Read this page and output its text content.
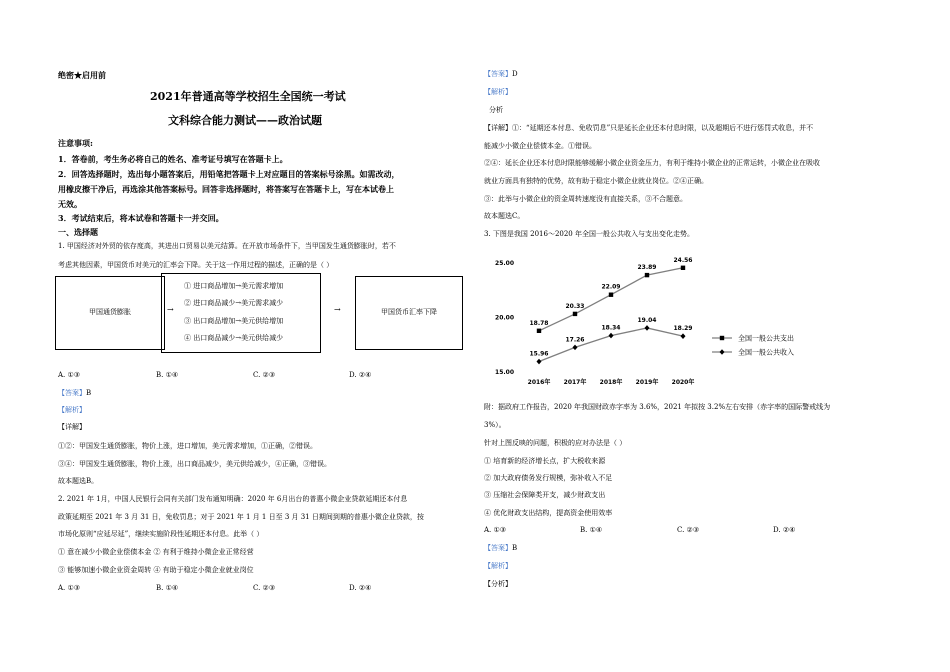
绝密★启用前
2021年普通高等学校招生全国统一考试
文科综合能力测试——政治试题
注意事项:
1．答卷前，考生务必将自己的姓名、准考证号填写在答题卡上。
2．回答选择题时，选出每小题答案后，用铅笔把答题卡上对应题目的答案标号涂黑。如需改动，
用橡皮擦干净后，再选涂其他答案标号。回答非选择题时，将答案写在答题卡上，写在本试卷上
无效。
3．考试结束后，将本试卷和答题卡一并交回。
一、选择题
1. 甲国经济对外贸的依存度高，其进出口贸易以美元结算。在开放市场条件下，当甲国发生通货膨胀时，若不
考虑其他因素，甲国货币对美元的汇率会下降。关于这一作用过程的描述，正确的是（ ）
甲国通货膨胀	→
① 进口商品增加→美元需求增加
② 进口商品减少→美元需求减少
③ 出口商品增加→美元供给增加
④ 出口商品减少→美元供给减少
→	甲国货币汇率下降
A. ①③	B. ①④	C. ②③	D. ②④
【答案】B
【解析】
【详解】
①②：甲国发生通货膨胀，物价上涨，进口增加，美元需求增加，①正确，②错误。
③④：甲国发生通货膨胀，物价上涨，出口商品减少，美元供给减少，④正确，③错误。
故本题选B。
2. 2021 年 1月，中国人民银行会同有关部门发布通知明确：2020 年 6月出台的普惠小微企业贷款延期还本付息
政策延期至 2021 年 3 月 31 日，免收罚息；对于 2021 年 1 月 1 日至 3 月 31 日期间到期的普惠小微企业贷款，按
市场化原则“应延尽延”，继续实施阶段性延期还本付息。此举（ ）
① 意在减少小微企业偿债本金 ② 有利于维持小微企业正常经营
③ 能够加速小微企业资金周转 ④ 有助于稳定小微企业就业岗位
A. ①③	B. ①④	C. ②③	D. ②④
【答案】D
【解析】
分析
【详解】①：“延期还本付息、免收罚息”只是延长企业还本付息时限，以及超期后不进行惩罚式收息，并不
能减少小微企业偿债本金。①错误。
②④：延长企业还本付息时限能够缓解小微企业资金压力，有利于维持小微企业的正常运转，小微企业在吸收
就业方面具有独特的优势，故有助于稳定小微企业就业岗位。②④正确。
③：此举与小微企业的资金周转速度没有直接关系，③不合题意。
故本题选C。
3. 下图是我国 2016～2020 年全国一般公共收入与支出变化走势。
25.00
20.00
15.00
2016年 2017年 2018年 2019年 2020年
18.78
20.33
22.09
23.89
24.56
全国一般公共支出
15.96
17.26
18.34
19.04
18.29
全国一般公共收入
附：据政府工作报告，2020 年我国财政赤字率为 3.6%，2021 年拟按 3.2%左右安排（赤字率的国际警戒线为
3%）。
针对上图反映的问题，积极的应对办法是（ ）
① 培育新的经济增长点，扩大税收来源
② 加大政府债务发行规模，弥补收入不足
③ 压缩社会保障类开支，减少财政支出
④ 优化财政支出结构，提高资金使用效率
A. ①③	B. ①④	C. ②③	D. ②④
【答案】B
【解析】
【分析】
